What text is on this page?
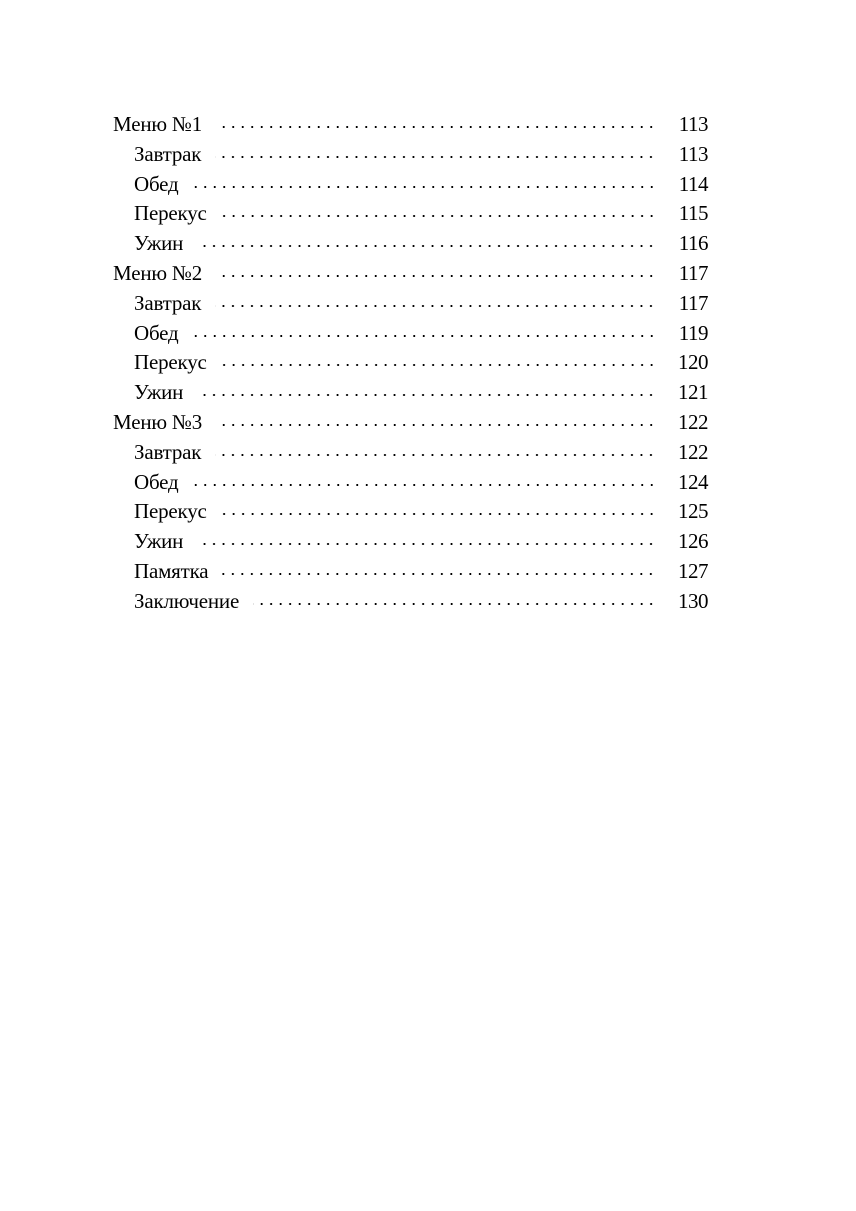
Меню №1	113
Завтрак	113
Обед	114
Перекус	115
Ужин	116
Меню №2	117
Завтрак	117
Обед	119
Перекус	120
Ужин	121
Меню №3	122
Завтрак	122
Обед	124
Перекус	125
Ужин	126
Памятка	127
Заключение	130
